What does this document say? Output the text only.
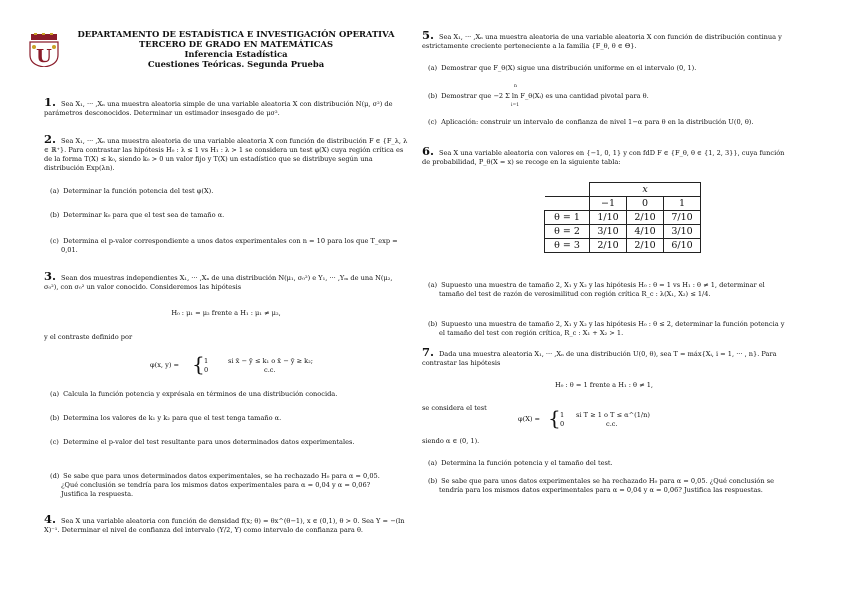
U
DEPARTAMENTO DE ESTADÍSTICA E INVESTIGACIÓN OPERATIVA
TERCERO DE GRADO EN MATEMÁTICAS
Inferencia Estadística
Cuestiones Teóricas. Segunda Prueba
1. Sea X₁, ··· ,Xₙ una muestra aleatoria simple de una variable aleatoria X con distribución N(μ, σ²) de parámetros desconocidos. Determinar un estimador insesgado de μσ².
2. Sea X₁, ··· ,Xₙ una muestra aleatoria de una variable aleatoria X con función de distribución F ∈ {F_λ, λ ∈ ℝ⁺}. Para contrastar las hipótesis H₀ : λ ≤ 1 vs H₁ : λ > 1 se considera un test φ(X) cuya región crítica es de la forma T(X) ≤ k₀, siendo k₀ > 0 un valor fijo y T(X) un estadístico que se distribuye según una distribución Exp(λn).
(a) Determinar la función potencia del test φ(X).
(b) Determinar k₀ para que el test sea de tamaño α.
(c) Determina el p-valor correspondiente a unos datos experimentales con n = 10 para los que T_exp = 0,01.
3. Sean dos muestras independientes X₁, ··· ,Xₙ de una distribución N(μ₁, σ₀²) e Y₁, ··· ,Yₘ de una N(μ₂, σ₀²), con σ₀² un valor conocido. Consideremos las hipótesis
H₀ : μ₁ = μ₂ frente a H₁ : μ₁ ≠ μ₂,
y el contraste definido por
φ(x, y) = { 1	si x̄ − ȳ ≤ k₁ o x̄ − ȳ ≥ k₂;
0	c.c.
(a) Calcula la función potencia y exprésala en términos de una distribución conocida.
(b) Determina los valores de k₁ y k₂ para que el test tenga tamaño α.
(c) Determine el p-valor del test resultante para unos determinados datos experimentales.
(d) Se sabe que para unos determinados datos experimentales, se ha rechazado H₀ para α = 0,05. ¿Qué conclusión se tendría para los mismos datos experimentales para α = 0,04 y α = 0,06? Justifica la respuesta.
4. Sea X una variable aleatoria con función de densidad f(x; θ) = θx^(θ−1), x ∈ (0,1), θ > 0. Sea Y = −(ln X)⁻¹. Determinar el nivel de confianza del intervalo (Y/2, Y) como intervalo de confianza para θ.
5. Sea X₁, ··· ,Xₙ una muestra aleatoria de una variable aleatoria X con función de distribución continua y estrictamente creciente perteneciente a la familia {F_θ, θ ∈ Θ}.
(a) Demostrar que F_θ(X) sigue una distribución uniforme en el intervalo (0, 1).
(b) Demostrar que −2 Σ ln F_θ(Xᵢ) es una cantidad pivotal para θ.
n
i=1
(c) Aplicación: construir un intervalo de confianza de nivel 1−α para θ en la distribución U(0, θ).
6. Sea X una variable aleatoria con valores en {−1, 0, 1} y con fdD F ∈ {F_θ, θ ∈ {1, 2, 3}}, cuya función de probabilidad, P_θ(X = x) se recoge en la siguiente tabla:
	x		
	−1	0	1
θ = 1	1/10	2/10	7/10
θ = 2	3/10	4/10	3/10
θ = 3	2/10	2/10	6/10
(a) Supuesto una muestra de tamaño 2, X₁ y X₂ y las hipótesis H₀ : θ = 1 vs H₁ : θ ≠ 1, determinar el tamaño del test de razón de verosimilitud con región crítica R_c : λ(X₁, X₂) ≤ 1/4.
(b) Supuesto una muestra de tamaño 2, X₁ y X₂ y las hipótesis H₀ : θ ≤ 2, determinar la función potencia y el tamaño del test con región crítica, R_c : X₁ + X₂ > 1.
7. Dada una muestra aleatoria X₁, ··· ,Xₙ de una distribución U(0, θ), sea T = máx{Xᵢ, i = 1, ··· , n}. Para contrastar las hipótesis
H₀ : θ = 1 frente a H₁ : θ ≠ 1,
se considera el test
φ(X) = { 1 si T ≥ 1 o T ≤ α^(1/n)
0	c.c.
siendo α ∈ (0, 1).
(a) Determina la función potencia y el tamaño del test.
(b) Se sabe que para unos datos experimentales se ha rechazado H₀ para α = 0,05. ¿Qué conclusión se tendría para los mismos datos experimentales para α = 0,04 y α = 0,06? Justifica las respuestas.
